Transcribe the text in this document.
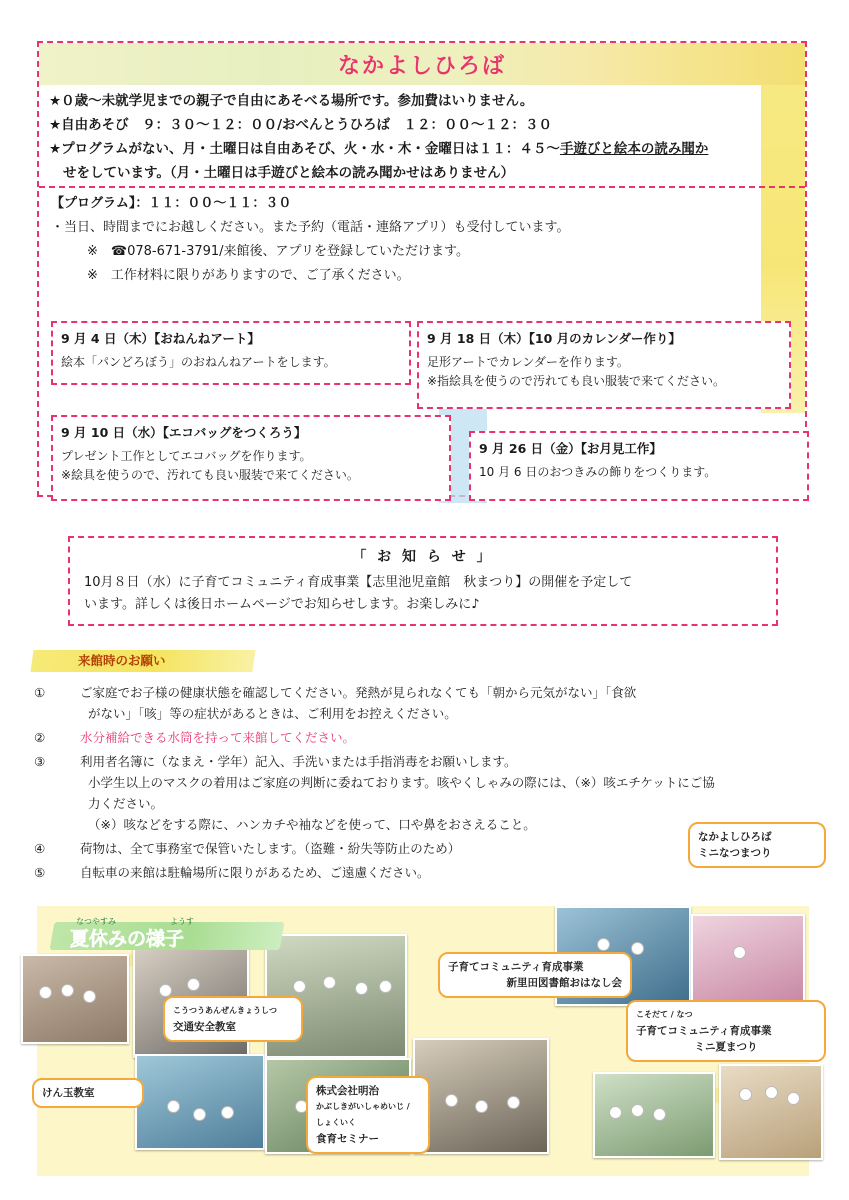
なかよしひろば
★０歳～未就学児までの親子で自由にあそべる場所です。参加費はいりません。
★自由あそび　９：３０～１２：００/おべんとうひろば　１２：００～１２：３０
★プログラムがない、月・土曜日は自由あそび、火・水・木・金曜日は１１：４５～手遊びと絵本の読み聞か
せをしています。（月・土曜日は手遊びと絵本の読み聞かせはありません）
【プログラム】：１１：００～１１：３０
・当日、時間までにお越しください。また予約（電話・連絡アプリ）も受付しています。
※　☎078-671-3791/来館後、アプリを登録していただけます。
※　工作材料に限りがありますので、ご了承ください。
9 月 4 日（木）【おねんねアート】
絵本「パンどろぼう」のおねんねアートをします。
9 月 18 日（木）【10 月のカレンダー作り】
足形アートでカレンダーを作ります。
※指絵具を使うので汚れても良い服装で来てください。
9 月 10 日（水）【エコバッグをつくろう】
プレゼント工作としてエコバッグを作ります。
※絵具を使うので、汚れても良い服装で来てください。
9 月 26 日（金）【お月見工作】
10 月 6 日のおつきみの飾りをつくります。
「 お 知 ら せ 」
10月８日（水）に子育てコミュニティ育成事業【志里池児童館　秋まつり】の開催を予定して
います。詳しくは後日ホームページでお知らせします。お楽しみに♪
来館時のお願い
①	ご家庭でお子様の健康状態を確認してください。発熱が見られなくても「朝から元気がない」「食欲
がない」「咳」等の症状があるときは、ご利用をお控えください。
②	水分補給できる水筒を持って来館してください。
③	利用者名簿に（なまえ・学年）記入、手洗いまたは手指消毒をお願いします。
小学生以上のマスクの着用はご家庭の判断に委ねております。咳やくしゃみの際には、（※）咳エチケットにご協
力ください。
（※）咳などをする際に、ハンカチや袖などを使って、口や鼻をおさえること。
④	荷物は、全て事務室で保管いたします。（盗難・紛失等防止のため）
⑤	自転車の来館は駐輪場所に限りがあるため、ご遠慮ください。
なつやすみ	ようす
夏休みの様子
けん玉教室
こうつうあんぜんきょうしつ
交通安全教室
株式会社明治
かぶしきがいしゃめいじ / しょくいく
食育セミナー
子育てコミュニティ育成事業
新里田図書館おはなし会
なかよしひろば
ミニなつまつり
こそだて / なつ
子育てコミュニティ育成事業
ミニ夏まつり
